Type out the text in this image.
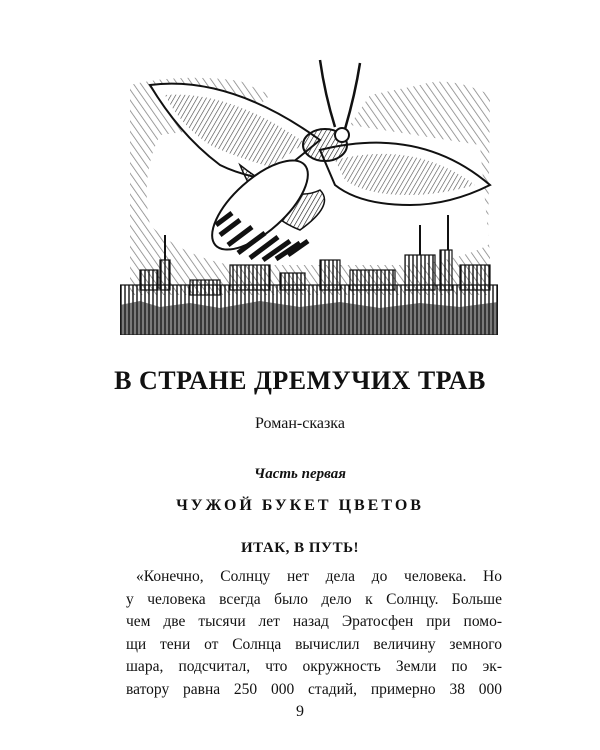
В СТРАНЕ ДРЕМУЧИХ ТРАВ
Роман-сказка
Часть первая
ЧУЖОЙ БУКЕТ ЦВЕТОВ
ИТАК, В ПУТЬ!
«Конечно, Солнцу нет дела до человека. Но
у человека всегда было дело к Солнцу. Больше
чем две тысячи лет назад Эратосфен при помо-
щи тени от Солнца вычислил величину земного
шара, подсчитал, что окружность Земли по эк-
ватору равна 250 000 стадий, примерно 38 000
9
